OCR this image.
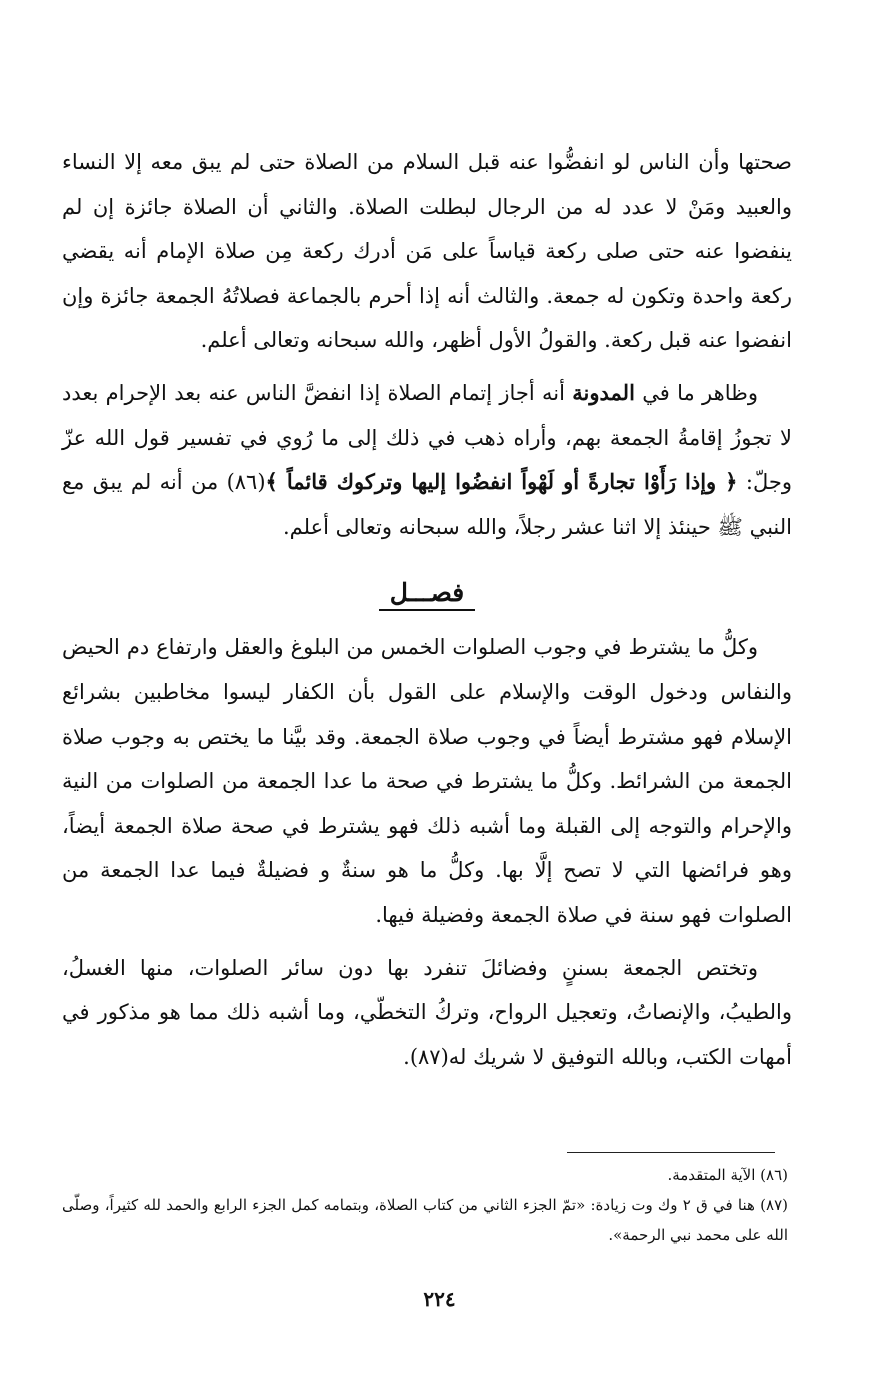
صحتها وأن الناس لو انفضُّوا عنه قبل السلام من الصلاة حتى لم يبق معه إلا النساء والعبيد ومَنْ لا عدد له من الرجال لبطلت الصلاة. والثاني أن الصلاة جائزة إن لم ينفضوا عنه حتى صلى ركعة قياساً على مَن أدرك ركعة مِن صلاة الإمام أنه يقضي ركعة واحدة وتكون له جمعة. والثالث أنه إذا أحرم بالجماعة فصلاتُهُ الجمعة جائزة وإن انفضوا عنه قبل ركعة. والقولُ الأول أظهر، والله سبحانه وتعالى أعلم.

وظاهر ما في المدونة أنه أجاز إتمام الصلاة إذا انفضَّ الناس عنه بعد الإحرام بعدد لا تجوزُ إقامةُ الجمعة بهم، وأراه ذهب في ذلك إلى ما رُوي في تفسير قول الله عزّ وجلّ: ﴿ وإذا رَأَوْا تجارةً أو لَهْواً انفضُوا إليها وتركوك قائماً ﴾(٨٦) من أنه لم يبق مع النبي ﷺ حينئذ إلا اثنا عشر رجلاً، والله سبحانه وتعالى أعلم.

فصـــل

وكلُّ ما يشترط في وجوب الصلوات الخمس من البلوغ والعقل وارتفاع دم الحيض والنفاس ودخول الوقت والإسلام على القول بأن الكفار ليسوا مخاطبين بشرائع الإسلام فهو مشترط أيضاً في وجوب صلاة الجمعة. وقد بيَّنا ما يختص به وجوب صلاة الجمعة من الشرائط. وكلُّ ما يشترط في صحة ما عدا الجمعة من الصلوات من النية والإحرام والتوجه إلى القبلة وما أشبه ذلك فهو يشترط في صحة صلاة الجمعة أيضاً، وهو فرائضها التي لا تصح إلَّا بها. وكلُّ ما هو سنةٌ و فضيلةٌ فيما عدا الجمعة من الصلوات فهو سنة في صلاة الجمعة وفضيلة فيها.

وتختص الجمعة بسننٍ وفضائلَ تنفرد بها دون سائر الصلوات، منها الغسلُ، والطيبُ، والإنصاتُ، وتعجيل الرواح، وتركُ التخطّي، وما أشبه ذلك مما هو مذكور في أمهات الكتب، وبالله التوفيق لا شريك له(٨٧).

(٨٦) الآية المتقدمة.

(٨٧) هنا في ق ٢ وك وت زيادة: «تمّ الجزء الثاني من كتاب الصلاة، وبتمامه كمل الجزء الرابع والحمد لله كثيراً، وصلّى الله على محمد نبي الرحمة».

٢٢٤
